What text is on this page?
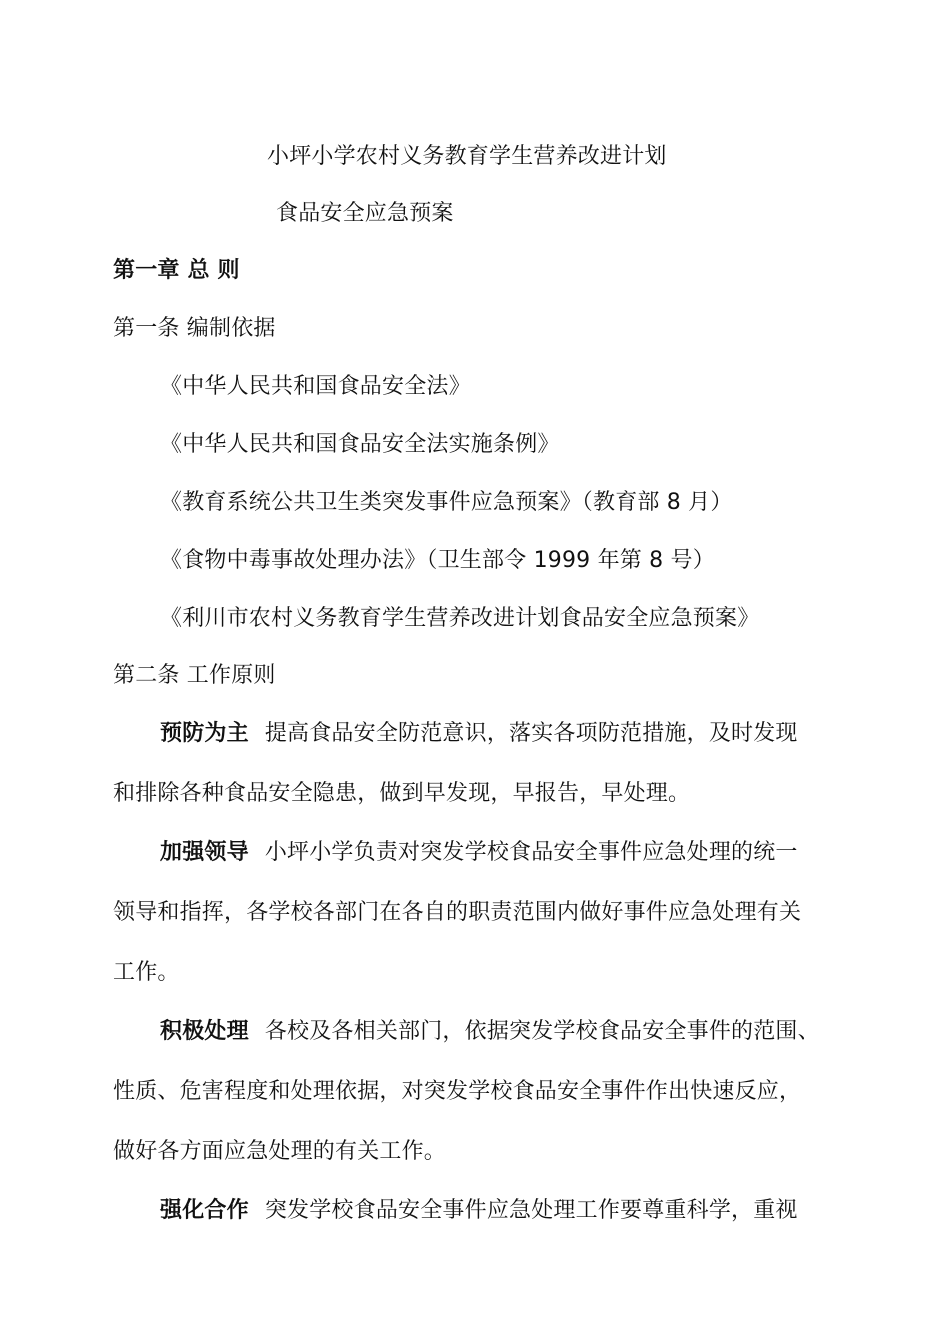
小坪小学农村义务教育学生营养改进计划
食品安全应急预案
第一章 总 则
第一条 编制依据
《中华人民共和国食品安全法》
《中华人民共和国食品安全法实施条例》
《教育系统公共卫生类突发事件应急预案》（教育部 8 月）
《食物中毒事故处理办法》（卫生部令 1999 年第 8 号）
《利川市农村义务教育学生营养改进计划食品安全应急预案》
第二条 工作原则
预防为主 提高食品安全防范意识，落实各项防范措施，及时发现
和排除各种食品安全隐患，做到早发现，早报告，早处理。
加强领导 小坪小学负责对突发学校食品安全事件应急处理的统一
领导和指挥，各学校各部门在各自的职责范围内做好事件应急处理有关
工作。
积极处理 各校及各相关部门，依据突发学校食品安全事件的范围、
性质、危害程度和处理依据，对突发学校食品安全事件作出快速反应，
做好各方面应急处理的有关工作。
强化合作 突发学校食品安全事件应急处理工作要尊重科学，重视
